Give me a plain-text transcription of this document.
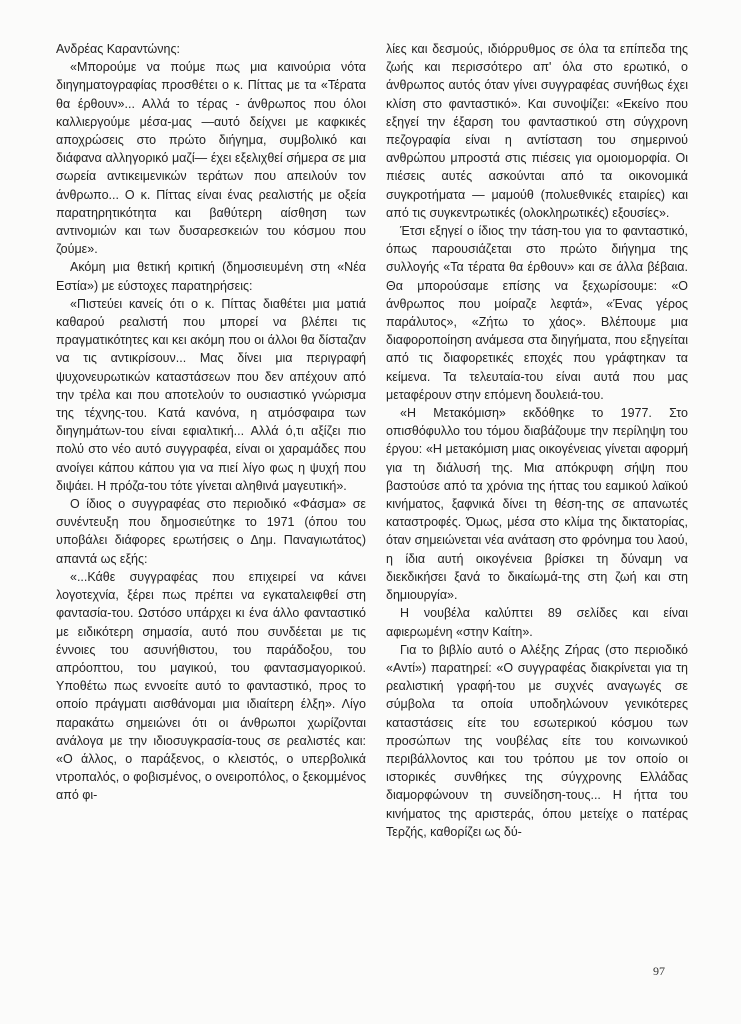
Ανδρέας Καραντώνης:

«Μπορούμε να πούμε πως μια καινούρια νότα διηγηματογραφίας προσθέτει ο κ. Πίττας με τα «Τέρατα θα έρθουν»... Αλλά το τέρας - άνθρωπος που όλοι καλλιεργούμε μέσα-μας —αυτό δείχνει με καφκικές αποχρώσεις στο πρώτο διήγημα, συμβολικό και διάφανα αλληγορικό μαζί— έχει εξελιχθεί σήμερα σε μια σωρεία αντικειμενικών τεράτων που απειλούν τον άνθρωπο... Ο κ. Πίττας είναι ένας ρεαλιστής με οξεία παρατηρητικότητα και βαθύτερη αίσθηση των αντινομιών και των δυσαρεσκειών του κόσμου που ζούμε».

Ακόμη μια θετική κριτική (δημοσιευμένη στη «Νέα Εστία») με εύστοχες παρατηρήσεις:

«Πιστεύει κανείς ότι ο κ. Πίττας διαθέτει μια ματιά καθαρού ρεαλιστή που μπορεί να βλέπει τις πραγματικότητες και κει ακόμη που οι άλλοι θα δίσταζαν να τις αντικρίσουν... Μας δίνει μια περιγραφή ψυχονευρωτικών καταστάσεων που δεν απέχουν από την τρέλα και που αποτελούν το ουσιαστικό γνώρισμα της τέχνης-του. Κατά κανόνα, η ατμόσφαιρα των διηγημάτων-του είναι εφιαλτική... Αλλά ό,τι αξίζει πιο πολύ στο νέο αυτό συγγραφέα, είναι οι χαραμάδες που ανοίγει κάπου κάπου για να πιεί λίγο φως η ψυχή που διψάει. Η πρόζα-του τότε γίνεται αληθινά μαγευτική».

Ο ίδιος ο συγγραφέας στο περιοδικό «Φάσμα» σε συνέντευξη που δημοσιεύτηκε το 1971 (όπου του υποβάλει διάφορες ερωτήσεις ο Δημ. Παναγιωτάτος) απαντά ως εξής:

«...Κάθε συγγραφέας που επιχειρεί να κάνει λογοτεχνία, ξέρει πως πρέπει να εγκαταλειφθεί στη φαντασία-του. Ωστόσο υπάρχει κι ένα άλλο φανταστικό με ειδικότερη σημασία, αυτό που συνδέεται με τις έννοιες του ασυνήθιστου, του παράδοξου, του απρόοπτου, του μαγικού, του φαντασμαγορικού. Υποθέτω πως εννοείτε αυτό το φανταστικό, προς το οποίο πράγματι αισθάνομαι μια ιδιαίτερη έλξη». Λίγο παρακάτω σημειώνει ότι οι άνθρωποι χωρίζονται ανάλογα με την ιδιοσυγκρασία-τους σε ρεαλιστές και: «Ο άλλος, ο παράξενος, ο κλειστός, ο υπερβολικά ντροπαλός, ο φοβισμένος, ο ονειροπόλος, ο ξεκομμένος από φι-

λίες και δεσμούς, ιδιόρρυθμος σε όλα τα επίπεδα της ζωής και περισσότερο απ' όλα στο ερωτικό, ο άνθρωπος αυτός όταν γίνει συγγραφέας συνήθως έχει κλίση στο φανταστικό». Και συνοψίζει: «Εκείνο που εξηγεί την έξαρση του φανταστικού στη σύγχρονη πεζογραφία είναι η αντίσταση του σημερινού ανθρώπου μπροστά στις πιέσεις για ομοιομορφία. Οι πιέσεις αυτές ασκούνται από τα οικονομικά συγκροτήματα — μαμούθ (πολυεθνικές εταιρίες) και από τις συγκεντρωτικές (ολοκληρωτικές) εξουσίες».

Έτσι εξηγεί ο ίδιος την τάση-του για το φανταστικό, όπως παρουσιάζεται στο πρώτο διήγημα της συλλογής «Τα τέρατα θα έρθουν» και σε άλλα βέβαια. Θα μπορούσαμε επίσης να ξεχωρίσουμε: «Ο άνθρωπος που μοίραζε λεφτά», «Ένας γέρος παράλυτος», «Ζήτω το χάος». Βλέπουμε μια διαφοροποίηση ανάμεσα στα διηγήματα, που εξηγείται από τις διαφορετικές εποχές που γράφτηκαν τα κείμενα. Τα τελευταία-του είναι αυτά που μας μεταφέρουν στην επόμενη δουλειά-του.

«Η Μετακόμιση» εκδόθηκε το 1977. Στο οπισθόφυλλο του τόμου διαβάζουμε την περίληψη του έργου: «Η μετακόμιση μιας οικογένειας γίνεται αφορμή για τη διάλυσή της. Μια απόκρυφη σήψη που βαστούσε από τα χρόνια της ήττας του εαμικού λαϊκού κινήματος, ξαφνικά δίνει τη θέση-της σε απανωτές καταστροφές. Όμως, μέσα στο κλίμα της δικτατορίας, όταν σημειώνεται νέα ανάταση στο φρόνημα του λαού, η ίδια αυτή οικογένεια βρίσκει τη δύναμη να διεκδικήσει ξανά το δικαίωμά-της στη ζωή και στη δημιουργία».

Η νουβέλα καλύπτει 89 σελίδες και είναι αφιερωμένη «στην Καίτη».

Για το βιβλίο αυτό ο Αλέξης Ζήρας (στο περιοδικό «Αντί») παρατηρεί: «Ο συγγραφέας διακρίνεται για τη ρεαλιστική γραφή-του με συχνές αναγωγές σε σύμβολα τα οποία υποδηλώνουν γενικότερες καταστάσεις είτε του εσωτερικού κόσμου των προσώπων της νουβέλας είτε του κοινωνικού περιβάλλοντος και του τρόπου με τον οποίο οι ιστορικές συνθήκες της σύγχρονης Ελλάδας διαμορφώνουν τη συνείδηση-τους... Η ήττα του κινήματος της αριστεράς, όπου μετείχε ο πατέρας Τερζής, καθορίζει ως δύ-

97
